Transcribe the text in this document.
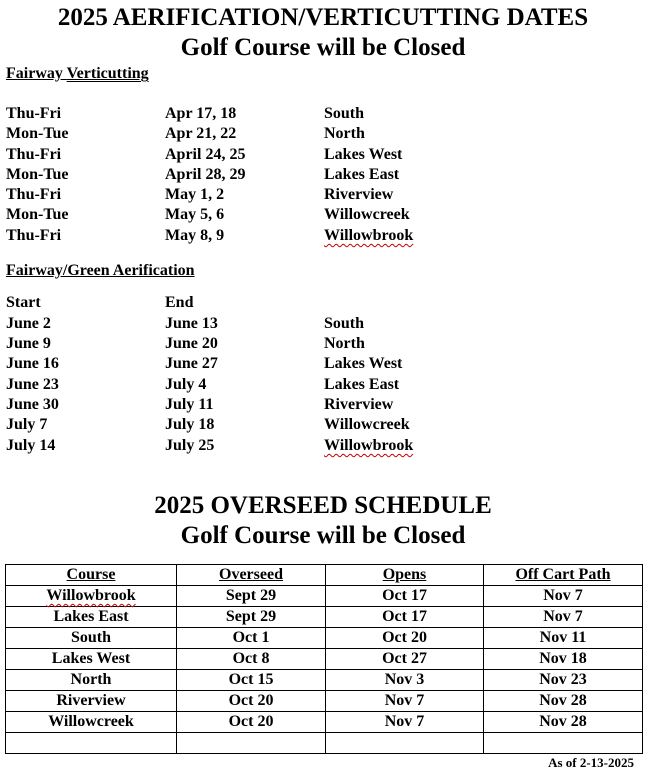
2025 AERIFICATION/VERTICUTTING DATES
Golf Course will be Closed
Fairway Verticutting
Thu-Fri	Apr 17, 18	South
Mon-Tue	Apr 21, 22	North
Thu-Fri	April 24, 25	Lakes West
Mon-Tue	April 28, 29	Lakes East
Thu-Fri	May 1, 2	Riverview
Mon-Tue	May 5, 6	Willowcreek
Thu-Fri	May 8, 9	Willowbrook
Fairway/Green Aerification
Start	End
June 2	June 13	South
June 9	June 20	North
June 16	June 27	Lakes West
June 23	July 4	Lakes East
June 30	July 11	Riverview
July 7	July 18	Willowcreek
July 14	July 25	Willowbrook
2025 OVERSEED SCHEDULE
Golf Course will be Closed
Course	Overseed	Opens	Off Cart Path
Willowbrook	Sept 29	Oct 17	Nov 7
Lakes East	Sept 29	Oct 17	Nov 7
South	Oct 1	Oct 20	Nov 11
Lakes West	Oct 8	Oct 27	Nov 18
North	Oct 15	Nov 3	Nov 23
Riverview	Oct 20	Nov 7	Nov 28
Willowcreek	Oct 20	Nov 7	Nov 28

As of 2-13-2025
